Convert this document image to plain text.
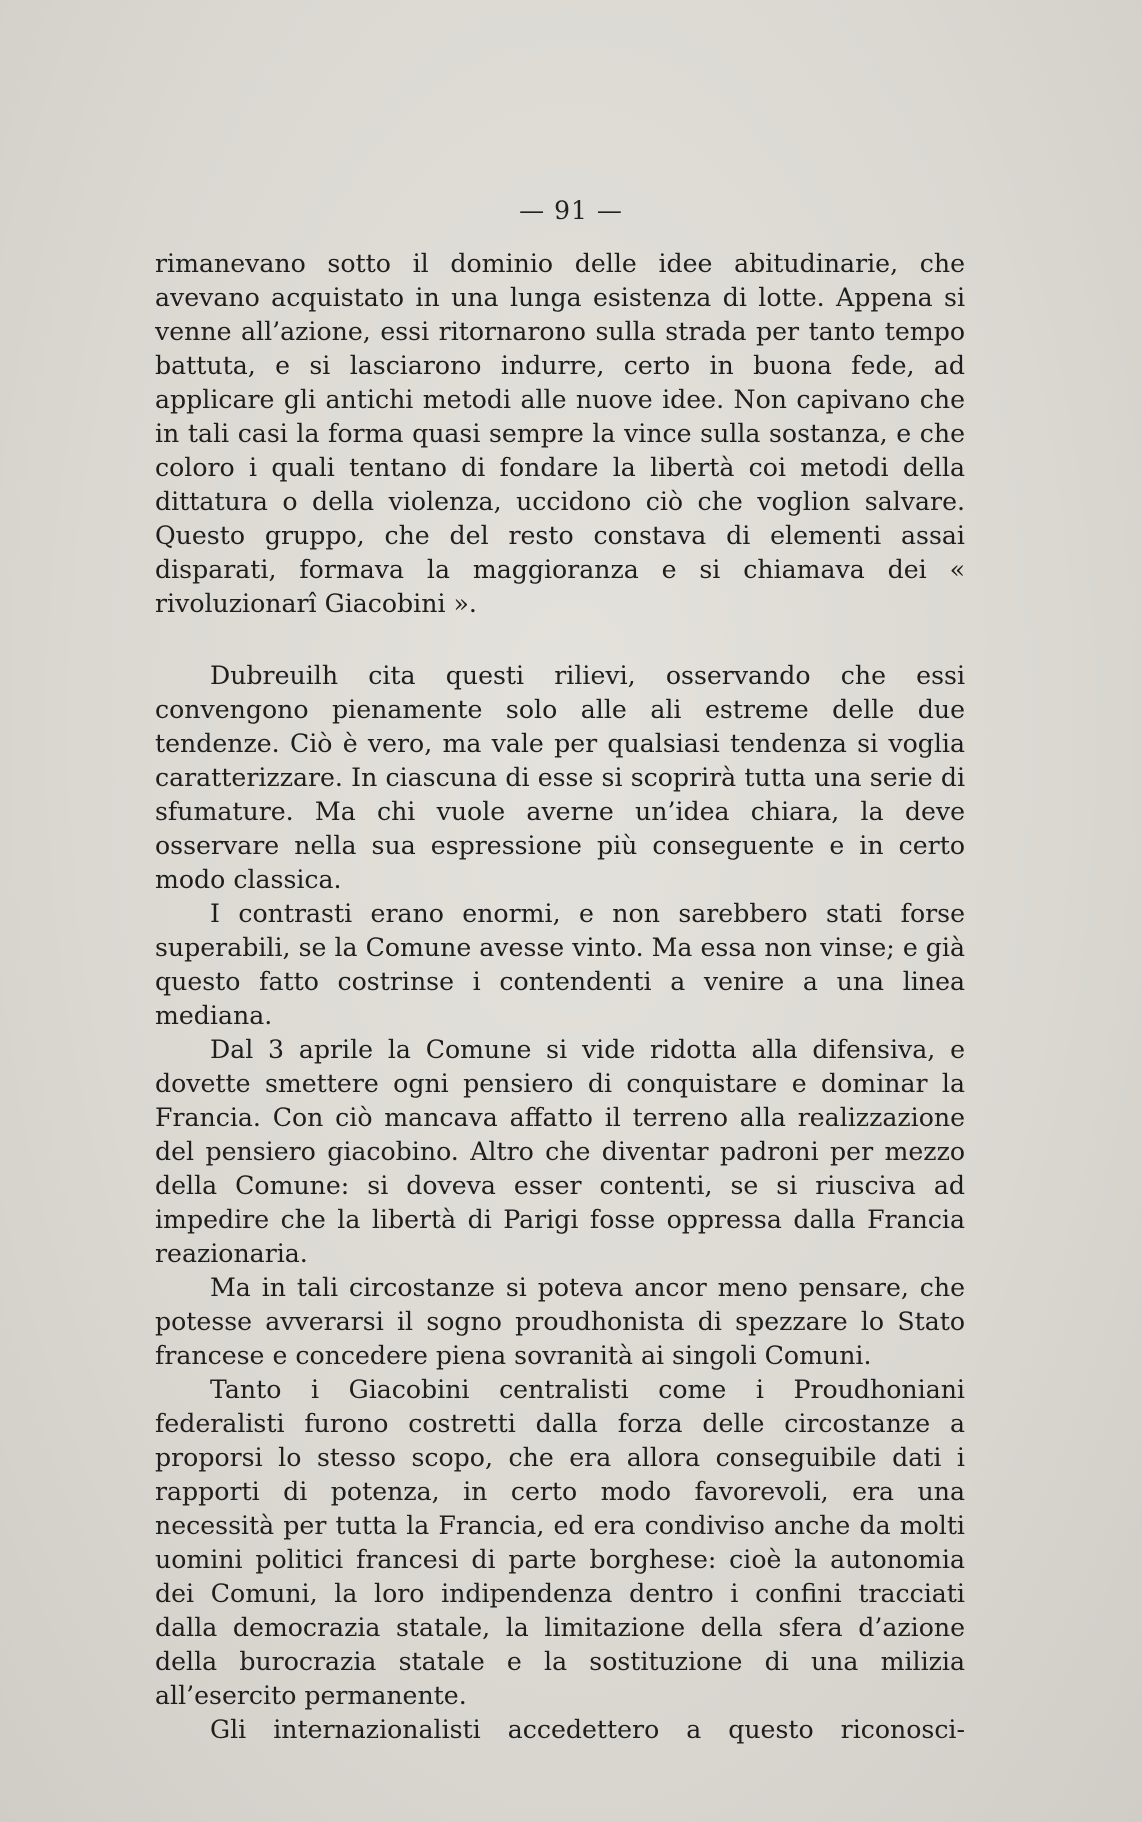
— 91 —

rimanevano sotto il dominio delle idee abitudinarie, che avevano acquistato in una lunga esistenza di lotte. Appena si venne all’azione, essi ritornarono sulla strada per tanto tempo battuta, e si lasciarono indurre, certo in buona fede, ad applicare gli antichi metodi alle nuove idee. Non capivano che in tali casi la forma quasi sempre la vince sulla sostanza, e che coloro i quali tentano di fondare la libertà coi metodi della dittatura o della violenza, uccidono ciò che voglion salvare. Questo gruppo, che del resto constava di elementi assai disparati, formava la maggioranza e si chiamava dei « rivoluzionarî Giacobini ».

Dubreuilh cita questi rilievi, osservando che essi convengono pienamente solo alle ali estreme delle due tendenze. Ciò è vero, ma vale per qualsiasi tendenza si voglia caratterizzare. In ciascuna di esse si scoprirà tutta una serie di sfumature. Ma chi vuole averne un’idea chiara, la deve osservare nella sua espressione più conseguente e in certo modo classica.

I contrasti erano enormi, e non sarebbero stati forse superabili, se la Comune avesse vinto. Ma essa non vinse; e già questo fatto costrinse i contendenti a venire a una linea mediana.

Dal 3 aprile la Comune si vide ridotta alla difensiva, e dovette smettere ogni pensiero di conquistare e dominar la Francia. Con ciò mancava affatto il terreno alla realizzazione del pensiero giacobino. Altro che diventar padroni per mezzo della Comune: si doveva esser contenti, se si riusciva ad impedire che la libertà di Parigi fosse oppressa dalla Francia reazionaria.

Ma in tali circostanze si poteva ancor meno pensare, che potesse avverarsi il sogno proudhonista di spezzare lo Stato francese e concedere piena sovranità ai singoli Comuni.

Tanto i Giacobini centralisti come i Proudhoniani federalisti furono costretti dalla forza delle circostanze a proporsi lo stesso scopo, che era allora conseguibile dati i rapporti di potenza, in certo modo favorevoli, era una necessità per tutta la Francia, ed era condiviso anche da molti uomini politici francesi di parte borghese: cioè la autonomia dei Comuni, la loro indipendenza dentro i confini tracciati dalla democrazia statale, la limitazione della sfera d’azione della burocrazia statale e la sostituzione di una milizia all’esercito permanente.

Gli internazionalisti accedettero a questo riconosci-
